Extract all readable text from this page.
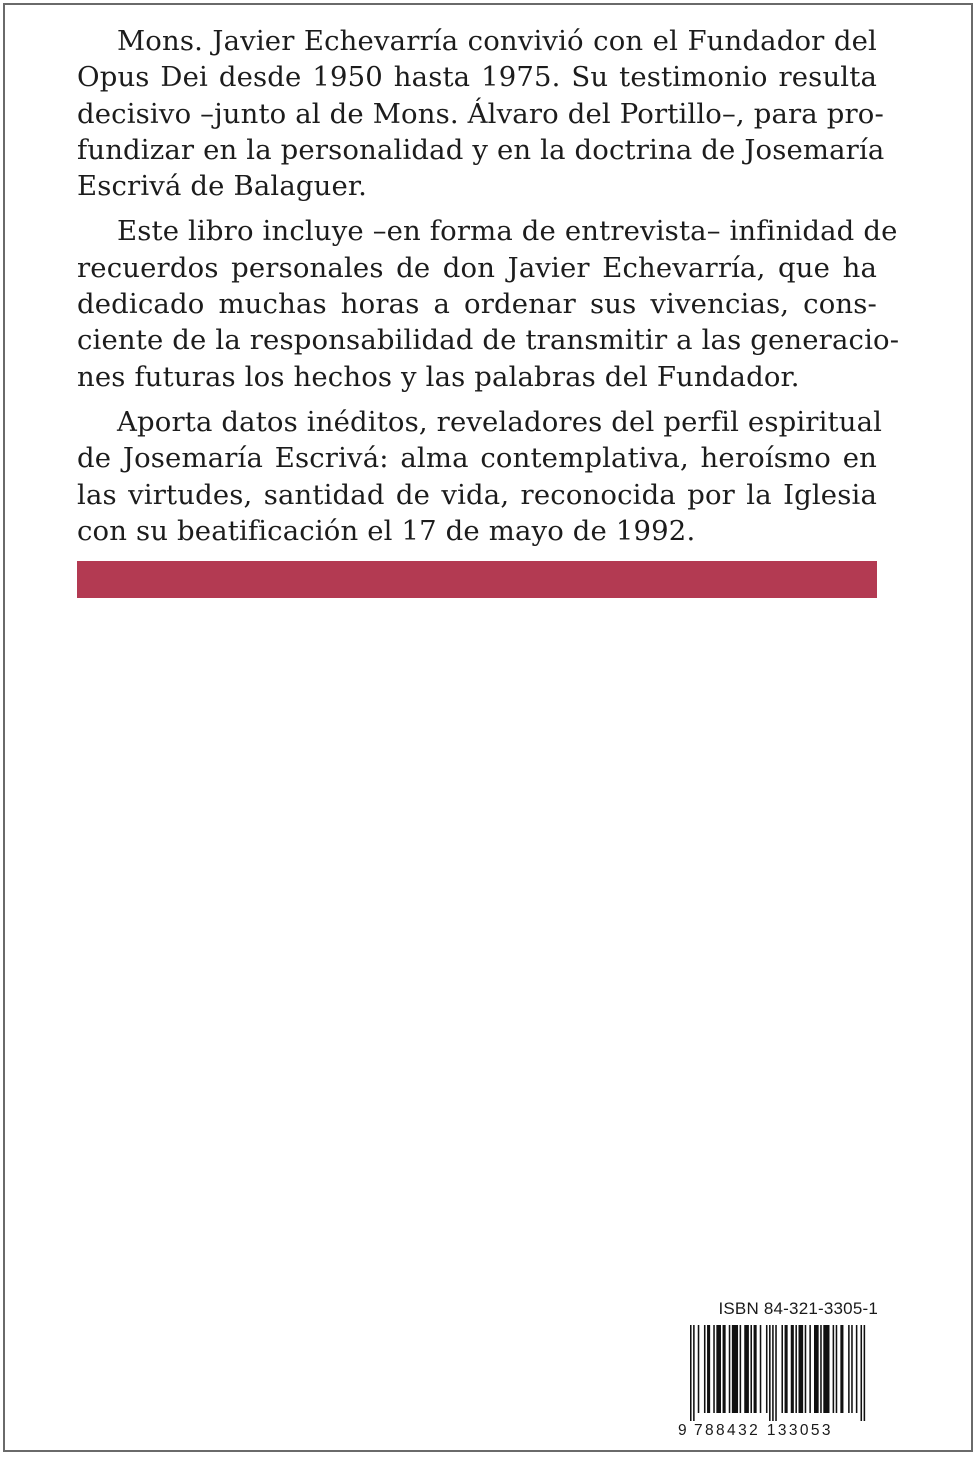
Mons. Javier Echevarría convivió con el Fundador del
Opus Dei desde 1950 hasta 1975. Su testimonio resulta
decisivo –junto al de Mons. Álvaro del Portillo–, para pro-
fundizar en la personalidad y en la doctrina de Josemaría
Escrivá de Balaguer.
Este libro incluye –en forma de entrevista– infinidad de
recuerdos personales de don Javier Echevarría, que ha
dedicado muchas horas a ordenar sus vivencias, cons-
ciente de la responsabilidad de transmitir a las generacio-
nes futuras los hechos y las palabras del Fundador.
Aporta datos inéditos, reveladores del perfil espiritual
de Josemaría Escrivá: alma contemplativa, heroísmo en
las virtudes, santidad de vida, reconocida por la Iglesia
con su beatificación el 17 de mayo de 1992.
ISBN 84-321-3305-1
9 788432 133053
